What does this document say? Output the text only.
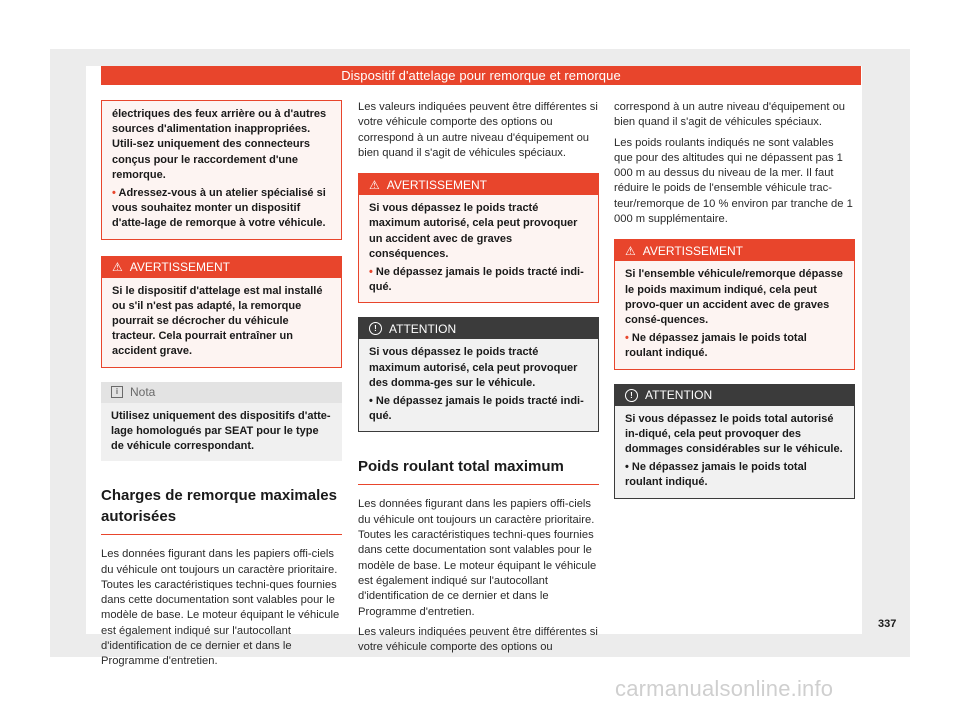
Dispositif d'attelage pour remorque et remorque

électriques des feux arrière ou à d'autres sources d'alimentation inappropriées. Utili-sez uniquement des connecteurs conçus pour le raccordement d'une remorque.

• Adressez-vous à un atelier spécialisé si vous souhaitez monter un dispositif d'atte-lage de remorque à votre véhicule.

⚠ AVERTISSEMENT

Si le dispositif d'attelage est mal installé ou s'il n'est pas adapté, la remorque pourrait se décrocher du véhicule tracteur. Cela pourrait entraîner un accident grave.

i Nota

Utilisez uniquement des dispositifs d'atte-lage homologués par SEAT pour le type de véhicule correspondant.

Charges de remorque maximales autorisées

Les données figurant dans les papiers offi-ciels du véhicule ont toujours un caractère prioritaire. Toutes les caractéristiques techni-ques fournies dans cette documentation sont valables pour le modèle de base. Le moteur équipant le véhicule est également indiqué sur l'autocollant d'identification de ce dernier et dans le Programme d'entretien.

Les valeurs indiquées peuvent être différentes si votre véhicule comporte des options ou correspond à un autre niveau d'équipement ou bien quand il s'agit de véhicules spéciaux.

⚠ AVERTISSEMENT

Si vous dépassez le poids tracté maximum autorisé, cela peut provoquer un accident avec de graves conséquences.

• Ne dépassez jamais le poids tracté indi-qué.

!	ATTENTION

Si vous dépassez le poids tracté maximum autorisé, cela peut provoquer des domma-ges sur le véhicule.

• Ne dépassez jamais le poids tracté indi-qué.

Poids roulant total maximum

Les données figurant dans les papiers offi-ciels du véhicule ont toujours un caractère prioritaire. Toutes les caractéristiques techni-ques fournies dans cette documentation sont valables pour le modèle de base. Le moteur équipant le véhicule est également indiqué sur l'autocollant d'identification de ce dernier et dans le Programme d'entretien.

Les valeurs indiquées peuvent être différentes si votre véhicule comporte des options ou

correspond à un autre niveau d'équipement ou bien quand il s'agit de véhicules spéciaux.

Les poids roulants indiqués ne sont valables que pour des altitudes qui ne dépassent pas 1 000 m au dessus du niveau de la mer. Il faut réduire le poids de l'ensemble véhicule trac-teur/remorque de 10 % environ par tranche de 1 000 m supplémentaire.

⚠ AVERTISSEMENT

Si l'ensemble véhicule/remorque dépasse le poids maximum indiqué, cela peut provo-quer un accident avec de graves consé-quences.

• Ne dépassez jamais le poids total roulant indiqué.

!	ATTENTION

Si vous dépassez le poids total autorisé in-diqué, cela peut provoquer des dommages considérables sur le véhicule.

• Ne dépassez jamais le poids total roulant indiqué.

337
carmanualsonline.info
